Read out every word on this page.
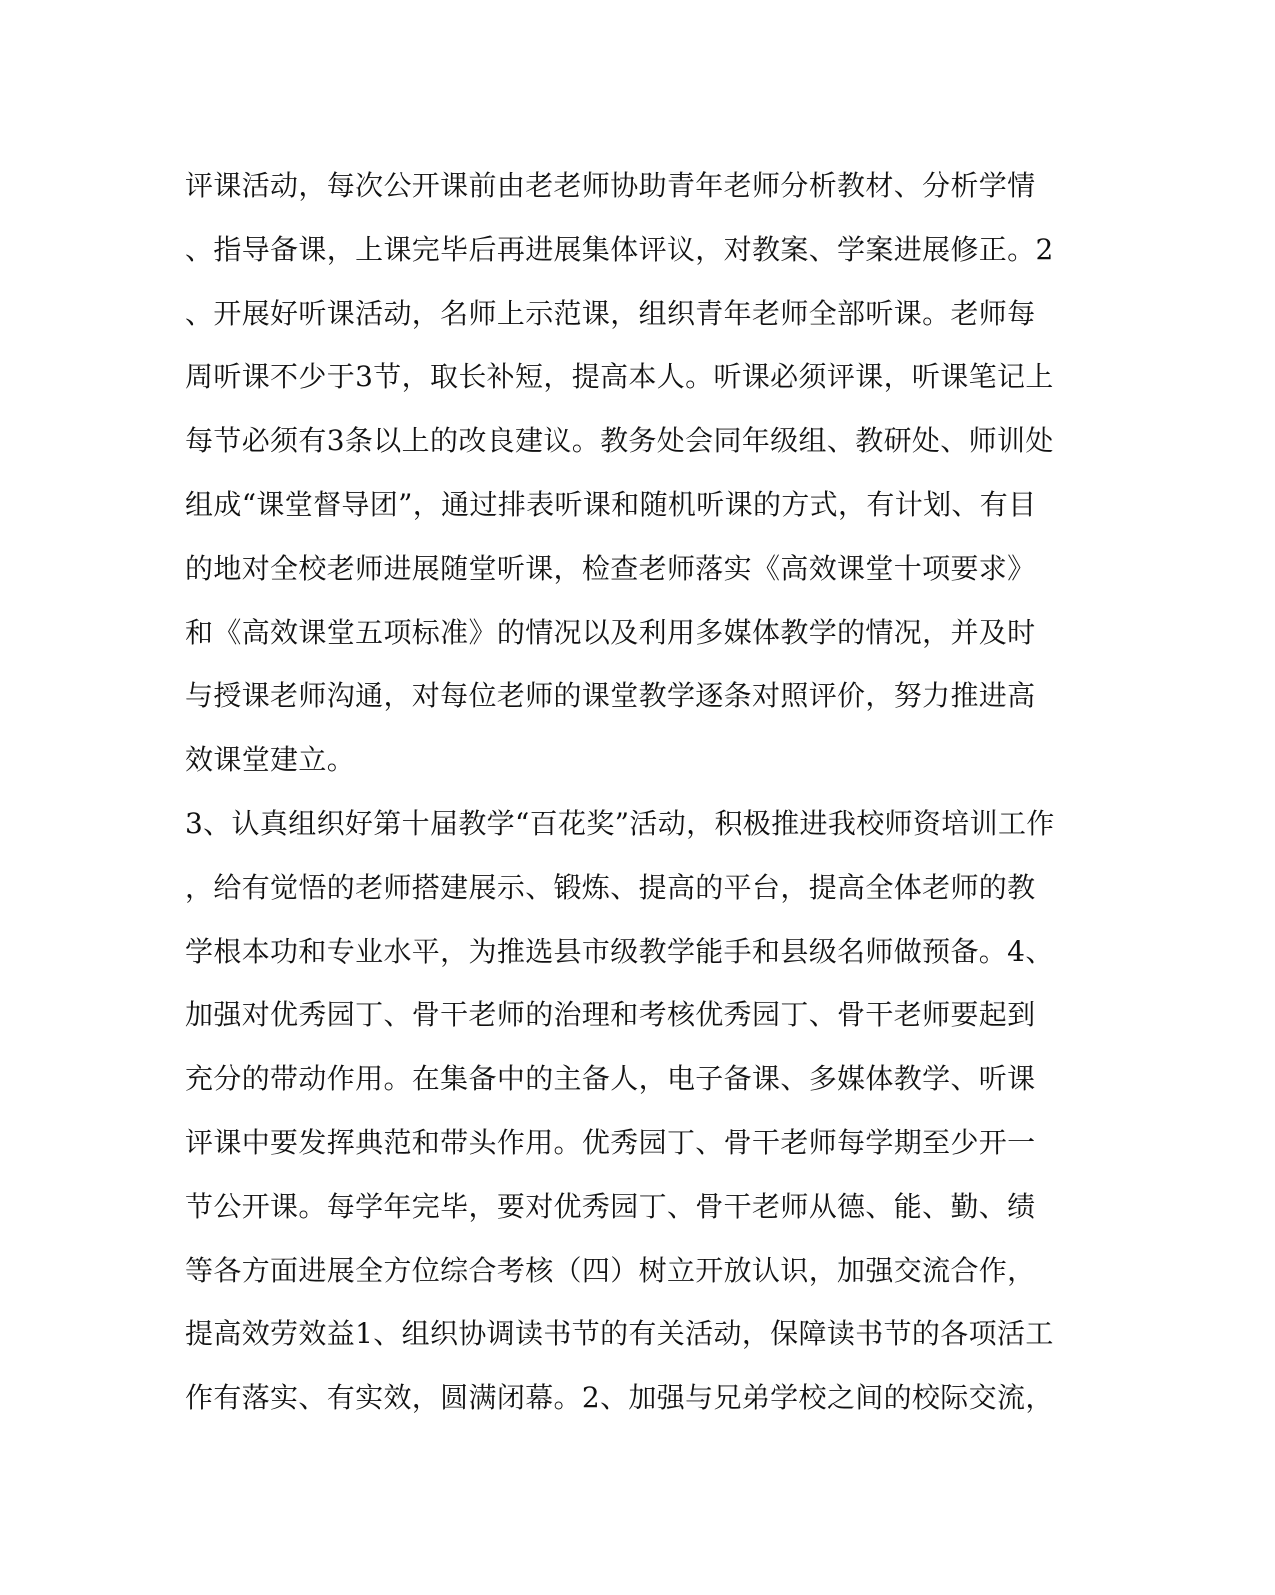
评课活动，每次公开课前由老老师协助青年老师分析教材、分析学情
、指导备课，上课完毕后再进展集体评议，对教案、学案进展修正。2
、开展好听课活动，名师上示范课，组织青年老师全部听课。老师每
周听课不少于3节，取长补短，提高本人。听课必须评课，听课笔记上
每节必须有3条以上的改良建议。教务处会同年级组、教研处、师训处
组成“课堂督导团”，通过排表听课和随机听课的方式，有计划、有目
的地对全校老师进展随堂听课，检查老师落实《高效课堂十项要求》
和《高效课堂五项标准》的情况以及利用多媒体教学的情况，并及时
与授课老师沟通，对每位老师的课堂教学逐条对照评价，努力推进高
效课堂建立。
3、认真组织好第十届教学“百花奖”活动，积极推进我校师资培训工作
，给有觉悟的老师搭建展示、锻炼、提高的平台，提高全体老师的教
学根本功和专业水平，为推选县市级教学能手和县级名师做预备。4、
加强对优秀园丁、骨干老师的治理和考核优秀园丁、骨干老师要起到
充分的带动作用。在集备中的主备人，电子备课、多媒体教学、听课
评课中要发挥典范和带头作用。优秀园丁、骨干老师每学期至少开一
节公开课。每学年完毕，要对优秀园丁、骨干老师从德、能、勤、绩
等各方面进展全方位综合考核（四）树立开放认识，加强交流合作，
提高效劳效益1、组织协调读书节的有关活动，保障读书节的各项活工
作有落实、有实效，圆满闭幕。2、加强与兄弟学校之间的校际交流，
